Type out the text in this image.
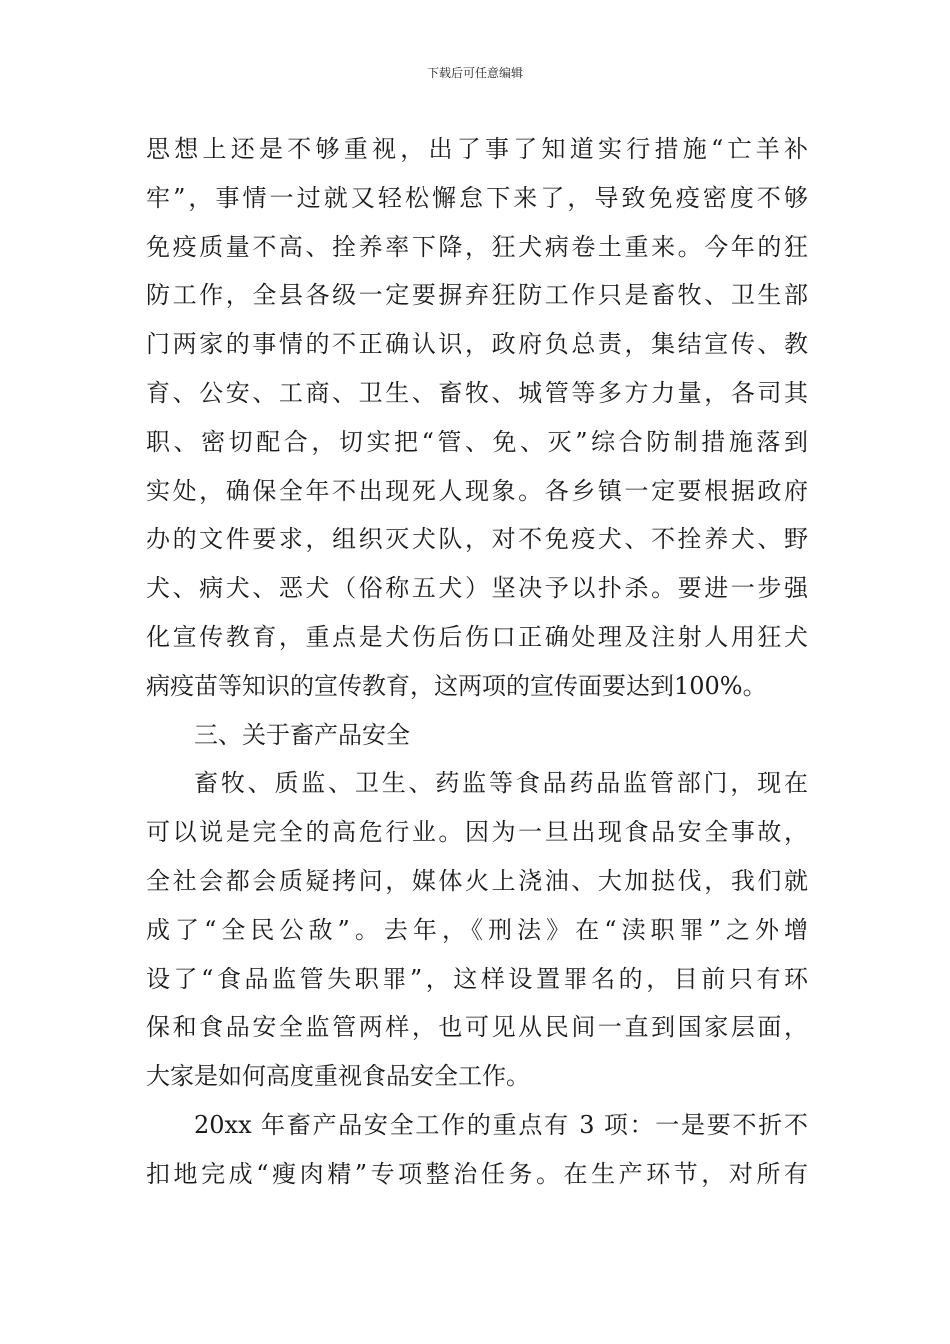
下载后可任意编辑
思想上还是不够重视，出了事了知道实行措施“亡羊补
牢”，事情一过就又轻松懈怠下来了，导致免疫密度不够
免疫质量不高、拴养率下降，狂犬病卷土重来。今年的狂
防工作，全县各级一定要摒弃狂防工作只是畜牧、卫生部
门两家的事情的不正确认识，政府负总责，集结宣传、教
育、公安、工商、卫生、畜牧、城管等多方力量，各司其
职、密切配合，切实把“管、免、灭”综合防制措施落到
实处，确保全年不出现死人现象。各乡镇一定要根据政府
办的文件要求，组织灭犬队，对不免疫犬、不拴养犬、野
犬、病犬、恶犬（俗称五犬）坚决予以扑杀。要进一步强
化宣传教育，重点是犬伤后伤口正确处理及注射人用狂犬
病疫苗等知识的宣传教育，这两项的宣传面要达到100%。
三、关于畜产品安全
畜牧、质监、卫生、药监等食品药品监管部门，现在
可以说是完全的高危行业。因为一旦出现食品安全事故，
全社会都会质疑拷问，媒体火上浇油、大加挞伐，我们就
成了“全民公敌”。去年，《刑法》在“渎职罪”之外增
设了“食品监管失职罪”，这样设置罪名的，目前只有环
保和食品安全监管两样，也可见从民间一直到国家层面，
大家是如何高度重视食品安全工作。
20xx 年畜产品安全工作的重点有 3 项：一是要不折不
扣地完成“瘦肉精”专项整治任务。在生产环节，对所有
